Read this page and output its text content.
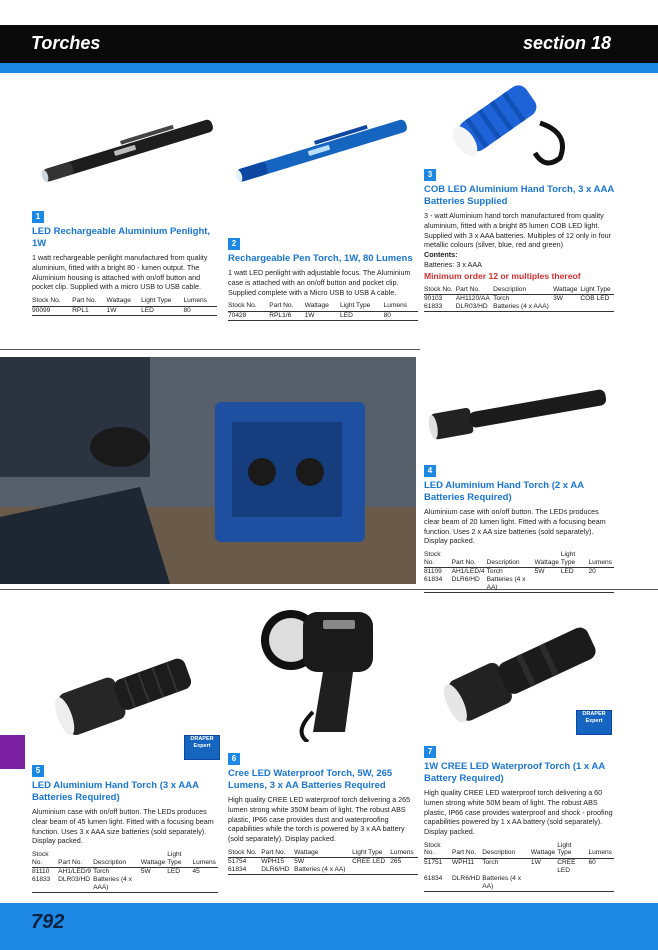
Torches	section 18
1
LED Rechargeable Aluminium Penlight, 1W
1 watt rechargeable penlight manufactured from quality aluminium, fitted with a bright 80 - lumen output. The Aluminium housing is attached with on/off button and pocket clip. Supplied with a micro USB to USB cable.
Stock No.	Part No.	Wattage	Light Type	Lumens
90099	RPL1	1W	LED	80
2
Rechargeable Pen Torch, 1W, 80 Lumens
1 watt LED penlight with adjustable focus. The Aluminium case is attached with an on/off button and pocket clip. Supplied complete with a Micro USB to USB A cable.
Stock No.	Part No.	Wattage	Light Type	Lumens
70428	RPL1/6	1W	LED	80
3
COB LED Aluminium Hand Torch, 3 x AAA Batteries Supplied
3 - watt Aluminium hand torch manufactured from quality aluminium, fitted with a bright 85 lumen COB LED light. Supplied with 3 x AAA batteries. Multiples of 12 only in four metallic colours (silver, blue, red and green)
Contents:
Batteries: 3 x AAA
Minimum order 12 or multiples thereof
Stock No.	Part No.	Description	Wattage	Light Type
90103	AH1120/AA	Torch	3W	COB LED
61833	DLR03/HD	Batteries (4 x AAA)		
4
LED Aluminium Hand Torch (2 x AA Batteries Required)
Aluminium case with on/off button. The LEDs produces clear beam of 20 lumen light. Fitted with a focusing beam function. Uses 2 x AA size batteries (sold separately). Display packed.
Stock No.	Part No.	Description	Wattage	Light Type	Lumens
81109	AH1/LED/4	Torch	5W	LED	20
61834	DLR6/HD	Batteries (4 x AA)			
DRAPER
Expert
DRAPER
Expert
5
LED Aluminium Hand Torch (3 x AAA Batteries Required)
Aluminium case with on/off button. The LEDs produces clear beam of 45 lumen light. Fitted with a focusing beam function. Uses 3 x AAA size batteries (sold separately). Display packed.
Stock No.	Part No.	Description	Wattage	Light Type	Lumens
81110	AH1/LED/9	Torch	5W	LED	45
61833	DLR03/HD	Batteries (4 x AAA)			
6
Cree LED Waterproof Torch, 5W, 265 Lumens, 3 x AA Batteries Required
High quality CREE LED waterproof torch delivering a 265 lumen strong white 350M beam of light. The robust ABS plastic, IP66 case provides dust and waterproofing capabilities while the torch is powered by 3 x AA battery (sold separately). Display packed.
Stock No.	Part No.	Wattage	Light Type	Lumens
51754	WPH15	5W	CREE LED	265
61834	DLR6/HD	Batteries (4 x AA)		
7
1W CREE LED Waterproof Torch (1 x AA Battery Required)
High quality CREE LED waterproof torch delivering a 60 lumen strong white 50M beam of light. The robust ABS plastic, IP66 case provides waterproof and shock - proofing capabilities powered by 1 x AA battery (sold separately). Display packed.
Stock No.	Part No.	Description	Wattage	Light Type	Lumens
51751	WPH11	Torch	1W	CREE LED	60
61834	DLR6/HD	Batteries (4 x AA)			
792
